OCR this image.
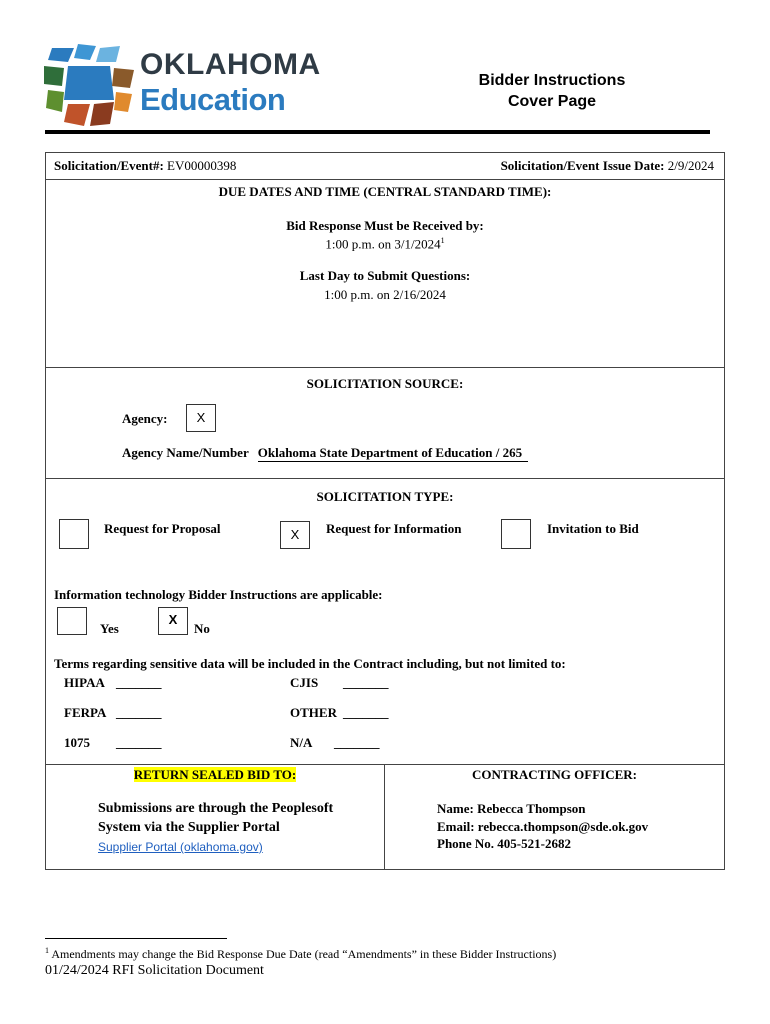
OKLAHOMA
Education
Bidder Instructions
Cover Page
Solicitation/Event#: EV00000398	Solicitation/Event Issue Date: 2/9/2024
DUE DATES AND TIME (CENTRAL STANDARD TIME):
Bid Response Must be Received by:
1:00 p.m. on 3/1/2024$^1$
Last Day to Submit Questions:
1:00 p.m. on 2/16/2024
SOLICITATION SOURCE:
Agency:	X
Agency Name/Number Oklahoma State Department of Education / 265
SOLICITATION TYPE:
Request for Proposal	X	Request for Information	Invitation to Bid
Information technology Bidder Instructions are applicable:
Yes
X
No
Terms regarding sensitive data will be included in the Contract including, but not limited to:
HIPAA _______	CJIS _______
FERPA _______	OTHER _______
1075 _______	N/A _______
RETURN SEALED BID TO:
Submissions are through the Peoplesoft
System via the Supplier Portal
Supplier Portal (oklahoma.gov)
CONTRACTING OFFICER:
Name: Rebecca Thompson
Email: rebecca.thompson@sde.ok.gov
Phone No. 405-521-2682
$^1$ Amendments may change the Bid Response Due Date (read “Amendments” in these Bidder Instructions)
01/24/2024 RFI Solicitation Document
